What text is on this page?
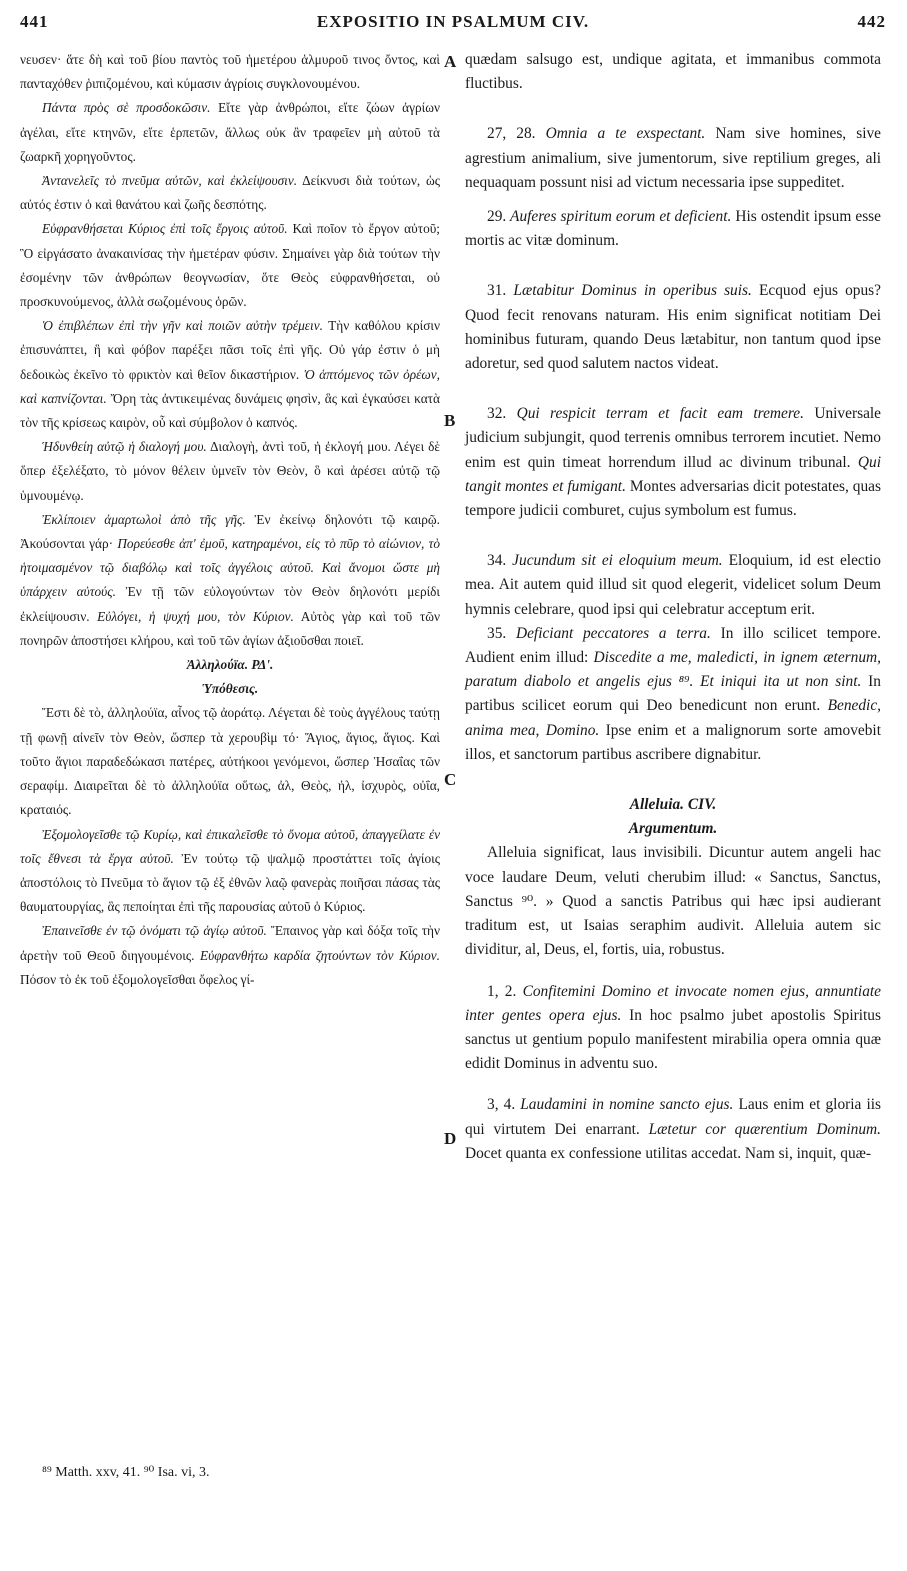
441	EXPOSITIO IN PSALMUM CIV.	442

νευσεν· ἅτε δὴ καὶ τοῦ βίου παντὸς τοῦ ἡμετέρου ἁλμυροῦ τινος ὄντος, καὶ πανταχόθεν ῥιπιζομένου, καὶ κύμασιν ἀγρίοις συγκλονουμένου.

Πάντα πρὸς σὲ προσδοκῶσιν. Εἴτε γὰρ ἀνθρώποι, εἴτε ζώων ἀγρίων ἀγέλαι, εἴτε κτηνῶν, εἴτε ἑρπετῶν, ἄλλως οὐκ ἂν τραφεῖεν μὴ αὐτοῦ τὰ ζωαρκῆ χορηγοῦντος.

Ἀντανελεῖς τὸ πνεῦμα αὐτῶν, καὶ ἐκλείψουσιν. Δείκνυσι διὰ τούτων, ὡς αὐτός ἐστιν ὁ καὶ θανάτου καὶ ζωῆς δεσπότης.

Εὐφρανθήσεται Κύριος ἐπὶ τοῖς ἔργοις αὐτοῦ. Καὶ ποῖον τὸ ἔργον αὐτοῦ; Ὃ εἰργάσατο ἀνακαινίσας τὴν ἡμετέραν φύσιν. Σημαίνει γὰρ διὰ τούτων τὴν ἐσομένην τῶν ἀνθρώπων θεογνωσίαν, ὅτε Θεὸς εὐφρανθήσεται, οὐ προσκυνούμενος, ἀλλὰ σωζομένους ὁρῶν.

Ὁ ἐπιβλέπων ἐπὶ τὴν γῆν καὶ ποιῶν αὐτὴν τρέμειν. Τὴν καθόλου κρίσιν ἐπισυνάπτει, ἣ καὶ φόβον παρέξει πᾶσι τοῖς ἐπὶ γῆς. Οὐ γάρ ἐστιν ὁ μὴ δεδοικὼς ἐκεῖνο τὸ φρικτὸν καὶ θεῖον δικαστήριον. Ὁ ἁπτόμενος τῶν ὀρέων, καὶ καπνίζονται. Ὄρη τὰς ἀντικειμένας δυνάμεις φησὶν, ἃς καὶ ἐγκαύσει κατὰ τὸν τῆς κρίσεως καιρὸν, οὗ καὶ σύμβολον ὁ καπνός.

Ἡδυνθείη αὐτῷ ἡ διαλογή μου. Διαλογὴ, ἀντὶ τοῦ, ἡ ἐκλογή μου. Λέγει δὲ ὅπερ ἐξελέξατο, τὸ μόνον θέλειν ὑμνεῖν τὸν Θεὸν, ὃ καὶ ἀρέσει αὐτῷ τῷ ὑμνουμένῳ.

Ἐκλίποιεν ἁμαρτωλοὶ ἀπὸ τῆς γῆς. Ἐν ἐκείνῳ δηλονότι τῷ καιρῷ. Ἀκούσονται γάρ· Πορεύεσθε ἀπ' ἐμοῦ, κατηραμένοι, εἰς τὸ πῦρ τὸ αἰώνιον, τὸ ἡτοιμασμένον τῷ διαβόλῳ καὶ τοῖς ἀγγέλοις αὐτοῦ. Καὶ ἄνομοι ὥστε μὴ ὑπάρχειν αὐτούς. Ἐν τῇ τῶν εὐλογούντων τὸν Θεὸν δηλονότι μερίδι ἐκλείψουσιν. Εὐλόγει, ἡ ψυχή μου, τὸν Κύριον. Αὐτὸς γὰρ καὶ τοῦ τῶν πονηρῶν ἀποστήσει κλήρου, καὶ τοῦ τῶν ἁγίων ἀξιοῦσθαι ποιεῖ.

Ἀλληλούϊα. ΡΔ'.

Ὑπόθεσις.

Ἔστι δὲ τὸ, ἀλληλούϊα, αἶνος τῷ ἀοράτῳ. Λέγεται δὲ τοὺς ἀγγέλους ταύτῃ τῇ φωνῇ αἰνεῖν τὸν Θεὸν, ὥσπερ τὰ χερουβὶμ τό· Ἅγιος, ἅγιος, ἅγιος. Καὶ τοῦτο ἅγιοι παραδεδώκασι πατέρες, αὐτήκοοι γενόμενοι, ὥσπερ Ἡσαΐας τῶν σεραφίμ. Διαιρεῖται δὲ τὸ ἀλληλούϊα οὕτως, ἀλ, Θεὸς, ἠλ, ἰσχυρὸς, οὐΐα, κραταιός.

Ἐξομολογεῖσθε τῷ Κυρίῳ, καὶ ἐπικαλεῖσθε τὸ ὄνομα αὐτοῦ, ἀπαγγείλατε ἐν τοῖς ἔθνεσι τὰ ἔργα αὐτοῦ. Ἐν τούτῳ τῷ ψαλμῷ προστάττει τοῖς ἁγίοις ἀποστόλοις τὸ Πνεῦμα τὸ ἅγιον τῷ ἐξ ἐθνῶν λαῷ φανερὰς ποιῆσαι πάσας τὰς θαυματουργίας, ἃς πεποίηται ἐπὶ τῆς παρουσίας αὐτοῦ ὁ Κύριος.

Ἐπαινεῖσθε ἐν τῷ ὀνόματι τῷ ἁγίῳ αὐτοῦ. Ἔπαινος γὰρ καὶ δόξα τοῖς τὴν ἀρετὴν τοῦ Θεοῦ διηγουμένοις. Εὐφρανθήτω καρδία ζητούντων τὸν Κύριον. Πόσον τὸ ἐκ τοῦ ἐξομολογεῖσθαι ὄφελος γί-

quædam salsugo est, undique agitata, et immanibus commota fluctibus.

27, 28. Omnia a te exspectant. Nam sive homines, sive agrestium animalium, sive jumentorum, sive reptilium greges, ali nequaquam possunt nisi ad victum necessaria ipse suppeditet.

29. Auferes spiritum eorum et deficient. His ostendit ipsum esse mortis ac vitæ dominum.

31. Lætabitur Dominus in operibus suis. Ecquod ejus opus? Quod fecit renovans naturam. His enim significat notitiam Dei hominibus futuram, quando Deus lætabitur, non tantum quod ipse adoretur, sed quod salutem nactos videat.

32. Qui respicit terram et facit eam tremere. Universale judicium subjungit, quod terrenis omnibus terrorem incutiet. Nemo enim est quin timeat horrendum illud ac divinum tribunal. Qui tangit montes et fumigant. Montes adversarias dicit potestates, quas tempore judicii comburet, cujus symbolum est fumus.

34. Jucundum sit ei eloquium meum. Eloquium, id est electio mea. Ait autem quid illud sit quod elegerit, videlicet solum Deum hymnis celebrare, quod ipsi qui celebratur acceptum erit.

35. Deficiant peccatores a terra. In illo scilicet tempore. Audient enim illud: Discedite a me, maledicti, in ignem æternum, paratum diabolo et angelis ejus ⁸⁹. Et iniqui ita ut non sint. In partibus scilicet eorum qui Deo benedicunt non erunt. Benedic, anima mea, Domino. Ipse enim et a malignorum sorte amovebit illos, et sanctorum partibus ascribere dignabitur.

Alleluia. CIV.

Argumentum.

Alleluia significat, laus invisibili. Dicuntur autem angeli hac voce laudare Deum, veluti cherubim illud: « Sanctus, Sanctus, Sanctus ⁹⁰. » Quod a sanctis Patribus qui hæc ipsi audierant traditum est, ut Isaias seraphim audivit. Alleluia autem sic dividitur, al, Deus, el, fortis, uia, robustus.

1, 2. Confitemini Domino et invocate nomen ejus, annuntiate inter gentes opera ejus. In hoc psalmo jubet apostolis Spiritus sanctus ut gentium populo manifestent mirabilia opera omnia quæ edidit Dominus in adventu suo.

3, 4. Laudamini in nomine sancto ejus. Laus enim et gloria iis qui virtutem Dei enarrant. Lætetur cor quærentium Dominum. Docet quanta ex confessione utilitas accedat. Nam si, inquit, quæ-

A
B
C
D
⁸⁹ Matth. xxv, 41. ⁹⁰ Isa. vi, 3.
